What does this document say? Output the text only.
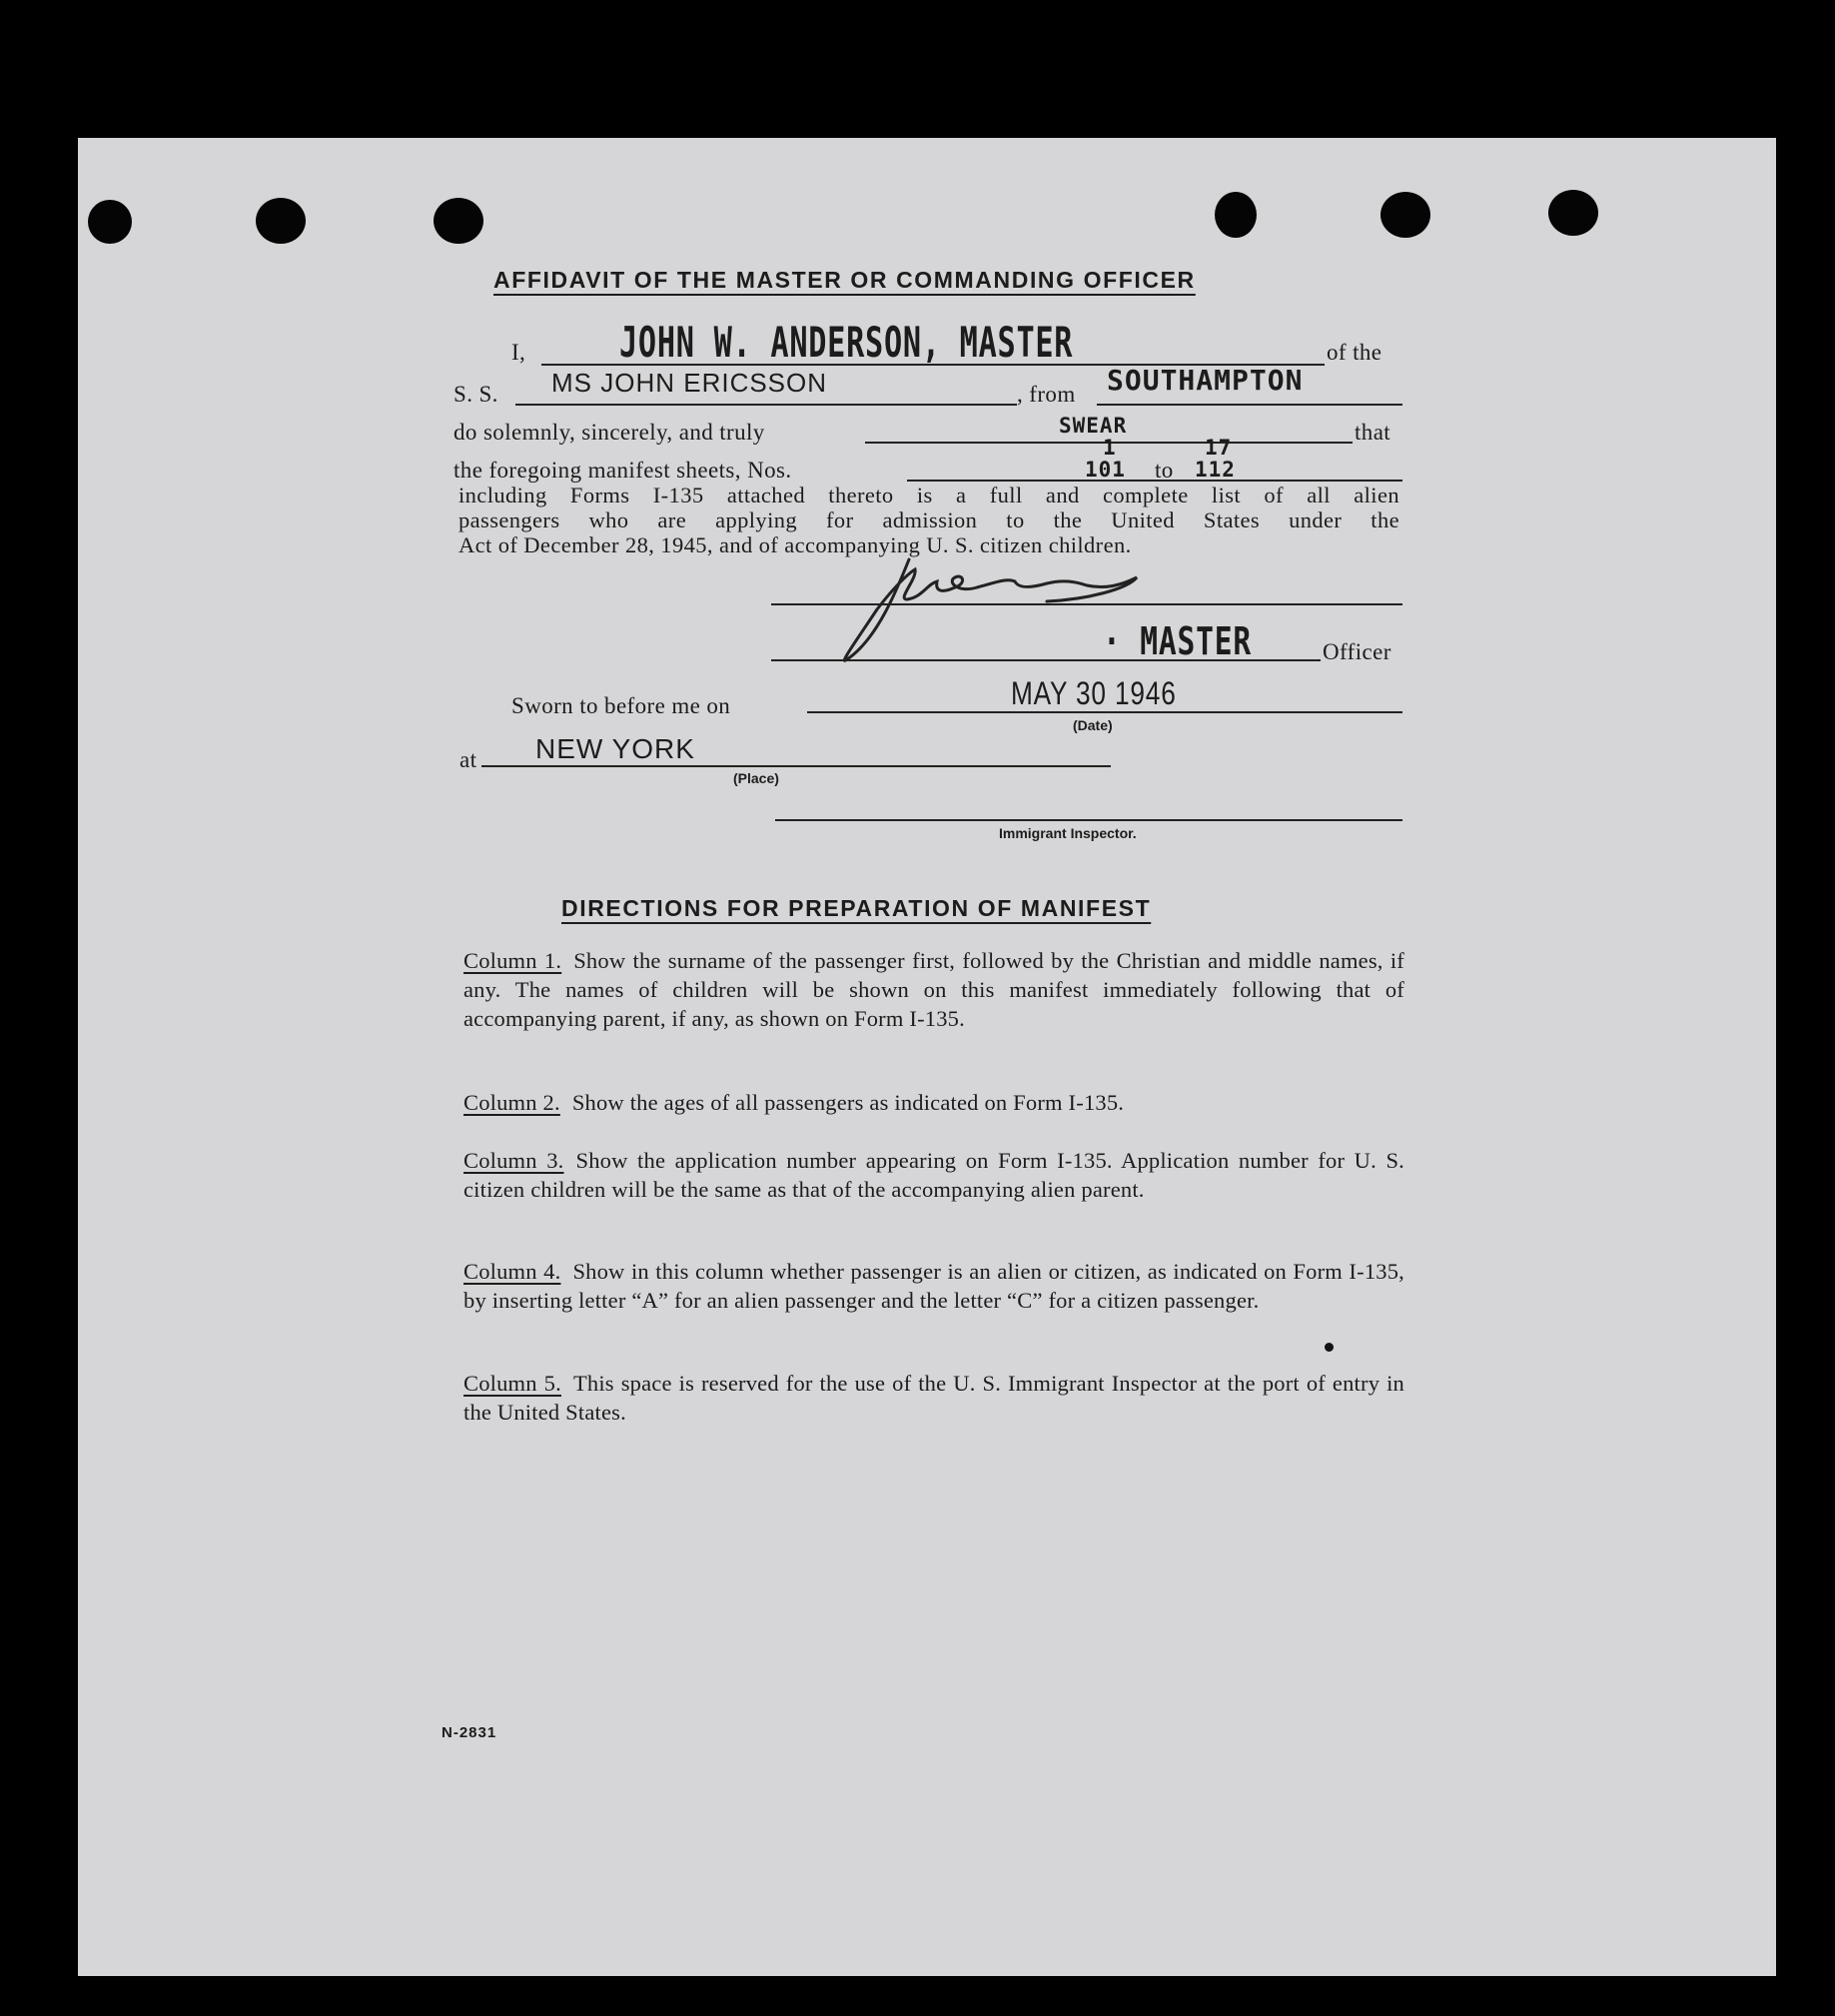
AFFIDAVIT OF THE MASTER OR COMMANDING OFFICER
I, JOHN W. ANDERSON, MASTER	of the
S. S. MS JOHN ERICSSON	, from SOUTHAMPTON
do solemnly, sincerely, and truly	SWEAR	that
the foregoing manifest sheets, Nos.
1
101 to
17
112
including Forms I-135 attached thereto is a full and complete list of all alien
passengers who are applying for admission to the United States under the
Act of December 28, 1945, and of accompanying U. S. citizen children.
· MASTER	Officer
Sworn to before me on	MAY 30 1946
(Date)
at NEW YORK
(Place)
Immigrant Inspector.
DIRECTIONS FOR PREPARATION OF MANIFEST
Column 1. Show the surname of the passenger first, followed by the Christian and middle names, if any. The names of children will be shown on this manifest immediately following that of accompanying parent, if any, as shown on Form I-135.
Column 2. Show the ages of all passengers as indicated on Form I-135.
Column 3. Show the application number appearing on Form I-135. Application number for U. S. citizen children will be the same as that of the accompanying alien parent.
Column 4. Show in this column whether passenger is an alien or citizen, as indicated on Form I-135, by inserting letter “A” for an alien passenger and the letter “C” for a citizen passenger.
Column 5. This space is reserved for the use of the U. S. Immigrant Inspector at the port of entry in the United States.
N-2831
